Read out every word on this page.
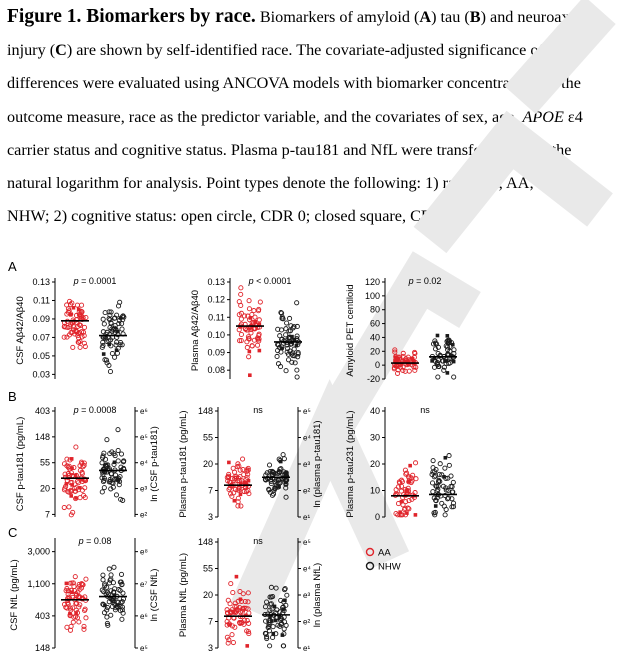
Figure 1. Biomarkers by race. Biomarkers of amyloid (A) tau (B) and neuroaxonal injury (C) are shown by self-identified race. The covariate-adjusted significance of racial differences were evaluated using ANCOVA models with biomarker concentrations at the outcome measure, race as the predictor variable, and the covariates of sex, age, APOE ε4 carrier status and cognitive status. Plasma p-tau181 and NfL were transformed with the natural logarithm for analysis. Point types denote the following: 1) race: red, AA; black, NHW; 2) cognitive status: open circle, CDR 0; closed square, CDR>0.
A
B
C
0.13
0.11
0.09
0.07
0.05
0.03
CSF Aβ42/Aβ40
p = 0.0001	0.13
0.12
0.11
0.10
0.09
0.08
Plasma Aβ42/Aβ40
p < 0.0001	120
100
80
60
40
20
0
-20
Amyloid PET centiloid
p = 0.02
403
148
55
20
7
CSF p-tau181 (pg/mL)
e⁶
e⁵
e⁴
e³
e²
ln (CSF p-tau181)
p = 0.0008	148
55
20
7
3
Plasma p-tau181 (pg/mL)	e⁵
e⁴
e³
e²
e¹
ln (plasma p-tau181)
ns	40
30
20
10
0
Plasma p-tau231 (pg/mL)
ns
3,000
1,100
403
148
CSF NfL (pg/mL)
e⁸
e⁷
e⁶
e⁵
ln (CSF NfL)
p = 0.08	148
55
20
7
3
Plasma NfL (pg/mL)
e⁵
e⁴
e³
e²
e¹
ln (plasma NfL)
ns
AA
NHW
